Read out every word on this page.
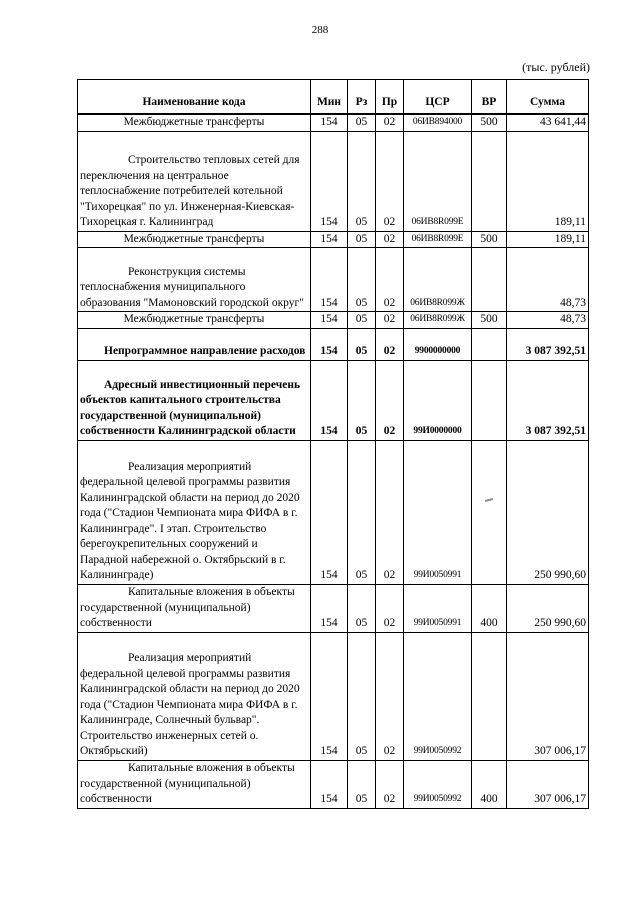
288
(тыс. рублей)
Наименование кода	Мин	Рз	Пр	ЦСР	ВР	Сумма
Межбюджетные трансферты	154	05	02	06ИВ894000	500	43 641,44
Строительство тепловых сетей для переключения на центральное теплоснабжение потребителей котельной "Тихорецкая" по ул. Инженерная-Киевская-Тихорецкая г. Калининград	154	05	02	06ИВ8R099E		189,11
Межбюджетные трансферты	154	05	02	06ИВ8R099E	500	189,11
Реконструкция системы теплоснабжения муниципального образования "Мамоновский городской округ"	154	05	02	06ИВ8R099Ж		48,73
Межбюджетные трансферты	154	05	02	06ИВ8R099Ж	500	48,73
Непрограммное направление расходов	154	05	02	9900000000		3 087 392,51
Адресный инвестиционный перечень объектов капитального строительства государственной (муниципальной) собственности Калининградской области	154	05	02	99И0000000		3 087 392,51
Реализация мероприятий федеральной целевой программы развития Калининградской области на период до 2020 года ("Стадион Чемпионата мира ФИФА в г. Калининграде". I этап. Строительство берегоукрепительных сооружений и Парадной набережной о. Октябрьский в г. Калининграде)	154	05	02	99И0050991		250 990,60
Капитальные вложения в объекты государственной (муниципальной) собственности	154	05	02	99И0050991	400	250 990,60
Реализация мероприятий федеральной целевой программы развития Калининградской области на период до 2020 года ("Стадион Чемпионата мира ФИФА в г. Калининграде, Солнечный бульвар". Строительство инженерных сетей о. Октябрьский)	154	05	02	99И0050992		307 006,17
Капитальные вложения в объекты государственной (муниципальной) собственности	154	05	02	99И0050992	400	307 006,17
